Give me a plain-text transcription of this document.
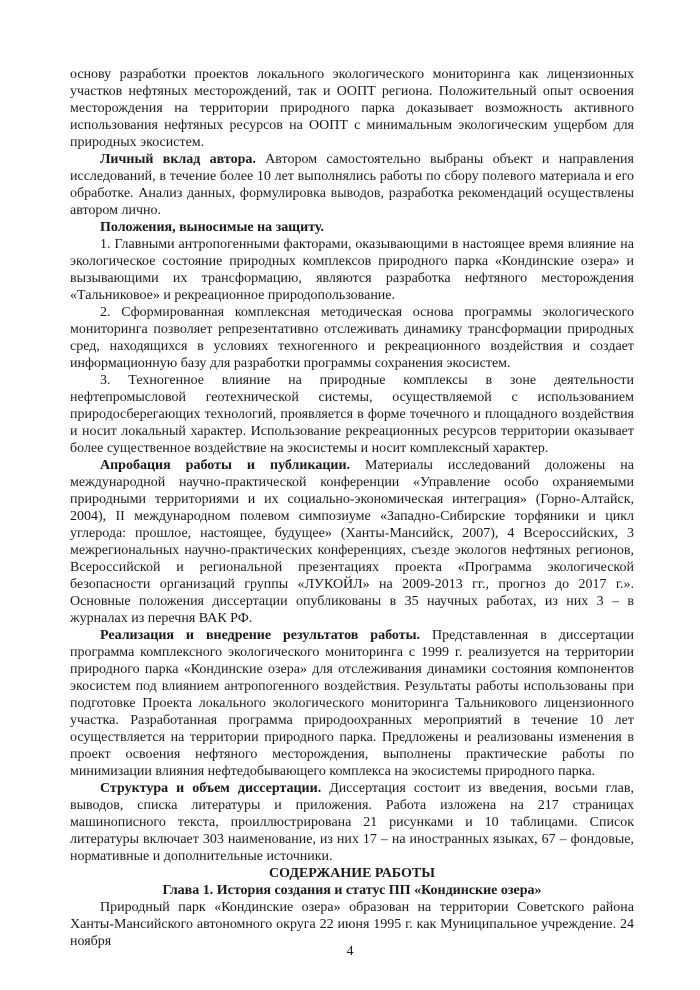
основу разработки проектов локального экологического мониторинга как лицензионных участков нефтяных месторождений, так и ООПТ региона. Положительный опыт освоения месторождения на территории природного парка доказывает возможность активного использования нефтяных ресурсов на ООПТ с минимальным экологическим ущербом для природных экосистем.

Личный вклад автора. Автором самостоятельно выбраны объект и направления исследований, в течение более 10 лет выполнялись работы по сбору полевого материала и его обработке. Анализ данных, формулировка выводов, разработка рекомендаций осуществлены автором лично.

Положения, выносимые на защиту.

1. Главными антропогенными факторами, оказывающими в настоящее время влияние на экологическое состояние природных комплексов природного парка «Кондинские озера» и вызывающими их трансформацию, являются разработка нефтяного месторождения «Тальниковое» и рекреационное природопользование.

2. Сформированная комплексная методическая основа программы экологического мониторинга позволяет репрезентативно отслеживать динамику трансформации природных сред, находящихся в условиях техногенного и рекреационного воздействия и создает информационную базу для разработки программы сохранения экосистем.

3. Техногенное влияние на природные комплексы в зоне деятельности нефтепромысловой геотехнической системы, осуществляемой с использованием природосберегающих технологий, проявляется в форме точечного и площадного воздействия и носит локальный характер. Использование рекреационных ресурсов территории оказывает более существенное воздействие на экосистемы и носит комплексный характер.

Апробация работы и публикации. Материалы исследований доложены на международной научно-практической конференции «Управление особо охраняемыми природными территориями и их социально-экономическая интеграция» (Горно-Алтайск, 2004), II международном полевом симпозиуме «Западно-Сибирские торфяники и цикл углерода: прошлое, настоящее, будущее» (Ханты-Мансийск, 2007), 4 Всероссийских, 3 межрегиональных научно-практических конференциях, съезде экологов нефтяных регионов, Всероссийской и региональной презентациях проекта «Программа экологической безопасности организаций группы «ЛУКОЙЛ» на 2009-2013 гг., прогноз до 2017 г.». Основные положения диссертации опубликованы в 35 научных работах, из них 3 – в журналах из перечня ВАК РФ.

Реализация и внедрение результатов работы. Представленная в диссертации программа комплексного экологического мониторинга с 1999 г. реализуется на территории природного парка «Кондинские озера» для отслеживания динамики состояния компонентов экосистем под влиянием антропогенного воздействия. Результаты работы использованы при подготовке Проекта локального экологического мониторинга Тальникового лицензионного участка. Разработанная программа природоохранных мероприятий в течение 10 лет осуществляется на территории природного парка. Предложены и реализованы изменения в проект освоения нефтяного месторождения, выполнены практические работы по минимизации влияния нефтедобывающего комплекса на экосистемы природного парка.

Структура и объем диссертации. Диссертация состоит из введения, восьми глав, выводов, списка литературы и приложения. Работа изложена на 217 страницах машинописного текста, проиллюстрирована 21 рисунками и 10 таблицами. Список литературы включает 303 наименование, из них 17 – на иностранных языках, 67 – фондовые, нормативные и дополнительные источники.

СОДЕРЖАНИЕ РАБОТЫ

Глава 1. История создания и статус ПП «Кондинские озера»

Природный парк «Кондинские озера» образован на территории Советского района Ханты-Мансийского автономного округа 22 июня 1995 г. как Муниципальное учреждение. 24 ноября

4
